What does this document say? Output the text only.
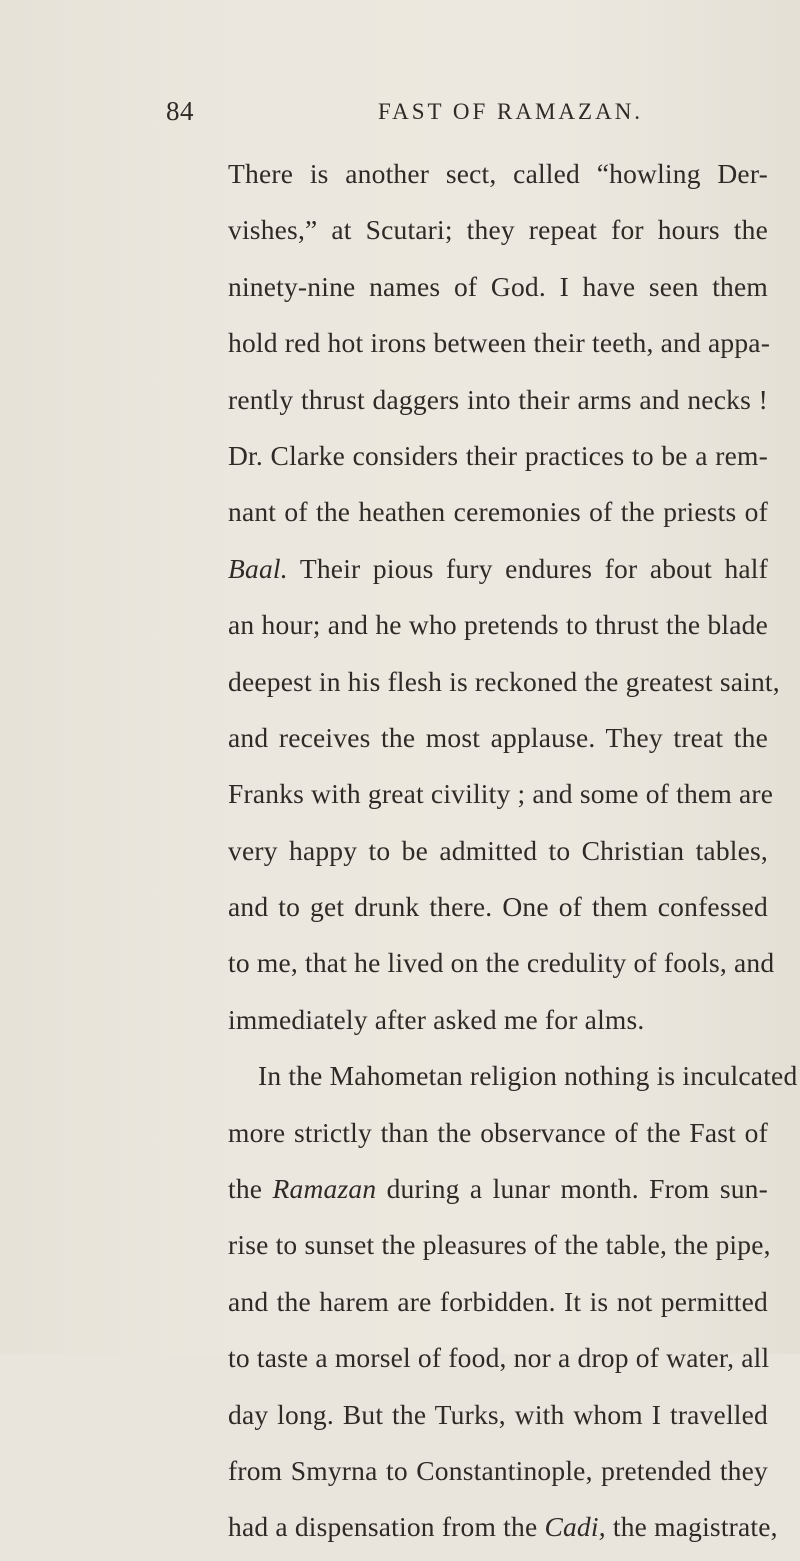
84	FAST OF RAMAZAN.
There is another sect, called “howling Der-
vishes,” at Scutari; they repeat for hours the
ninety-nine names of God. I have seen them
hold red hot irons between their teeth, and appa-
rently thrust daggers into their arms and necks !
Dr. Clarke considers their practices to be a rem-
nant of the heathen ceremonies of the priests of
Baal. Their pious fury endures for about half
an hour; and he who pretends to thrust the blade
deepest in his flesh is reckoned the greatest saint,
and receives the most applause. They treat the
Franks with great civility ; and some of them are
very happy to be admitted to Christian tables,
and to get drunk there. One of them confessed
to me, that he lived on the credulity of fools, and
immediately after asked me for alms.
In the Mahometan religion nothing is inculcated
more strictly than the observance of the Fast of
the Ramazan during a lunar month. From sun-
rise to sunset the pleasures of the table, the pipe,
and the harem are forbidden. It is not permitted
to taste a morsel of food, nor a drop of water, all
day long. But the Turks, with whom I travelled
from Smyrna to Constantinople, pretended they
had a dispensation from the Cadi, the magistrate,
